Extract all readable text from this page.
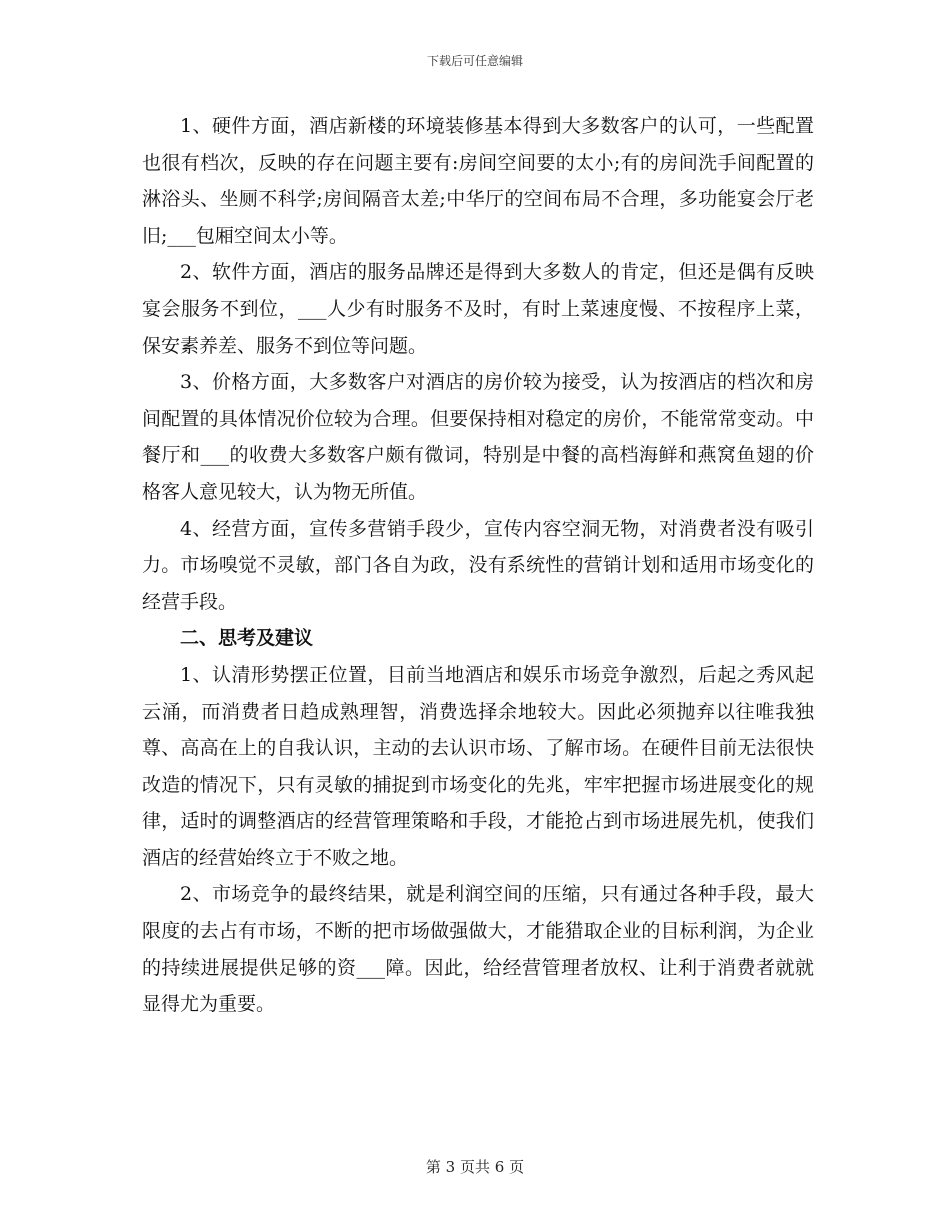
下载后可任意编辑

1、硬件方面，酒店新楼的环境装修基本得到大多数客户的认可，一些配置也很有档次，反映的存在问题主要有:房间空间要的太小;有的房间洗手间配置的淋浴头、坐厕不科学;房间隔音太差;中华厅的空间布局不合理，多功能宴会厅老旧;___包厢空间太小等。

2、软件方面，酒店的服务品牌还是得到大多数人的肯定，但还是偶有反映宴会服务不到位，___人少有时服务不及时，有时上菜速度慢、不按程序上菜，保安素养差、服务不到位等问题。

3、价格方面，大多数客户对酒店的房价较为接受，认为按酒店的档次和房间配置的具体情况价位较为合理。但要保持相对稳定的房价，不能常常变动。中餐厅和___的收费大多数客户颇有微词，特别是中餐的高档海鲜和燕窝鱼翅的价格客人意见较大，认为物无所值。

4、经营方面，宣传多营销手段少，宣传内容空洞无物，对消费者没有吸引力。市场嗅觉不灵敏，部门各自为政，没有系统性的营销计划和适用市场变化的经营手段。

二、思考及建议

1、认清形势摆正位置，目前当地酒店和娱乐市场竞争激烈，后起之秀风起云涌，而消费者日趋成熟理智，消费选择余地较大。因此必须抛弃以往唯我独尊、高高在上的自我认识，主动的去认识市场、了解市场。在硬件目前无法很快改造的情况下，只有灵敏的捕捉到市场变化的先兆，牢牢把握市场进展变化的规律，适时的调整酒店的经营管理策略和手段，才能抢占到市场进展先机，使我们酒店的经营始终立于不败之地。

2、市场竞争的最终结果，就是利润空间的压缩，只有通过各种手段，最大限度的去占有市场，不断的把市场做强做大，才能猎取企业的目标利润，为企业的持续进展提供足够的资___障。因此，给经营管理者放权、让利于消费者就就显得尤为重要。

第 3 页共 6 页
